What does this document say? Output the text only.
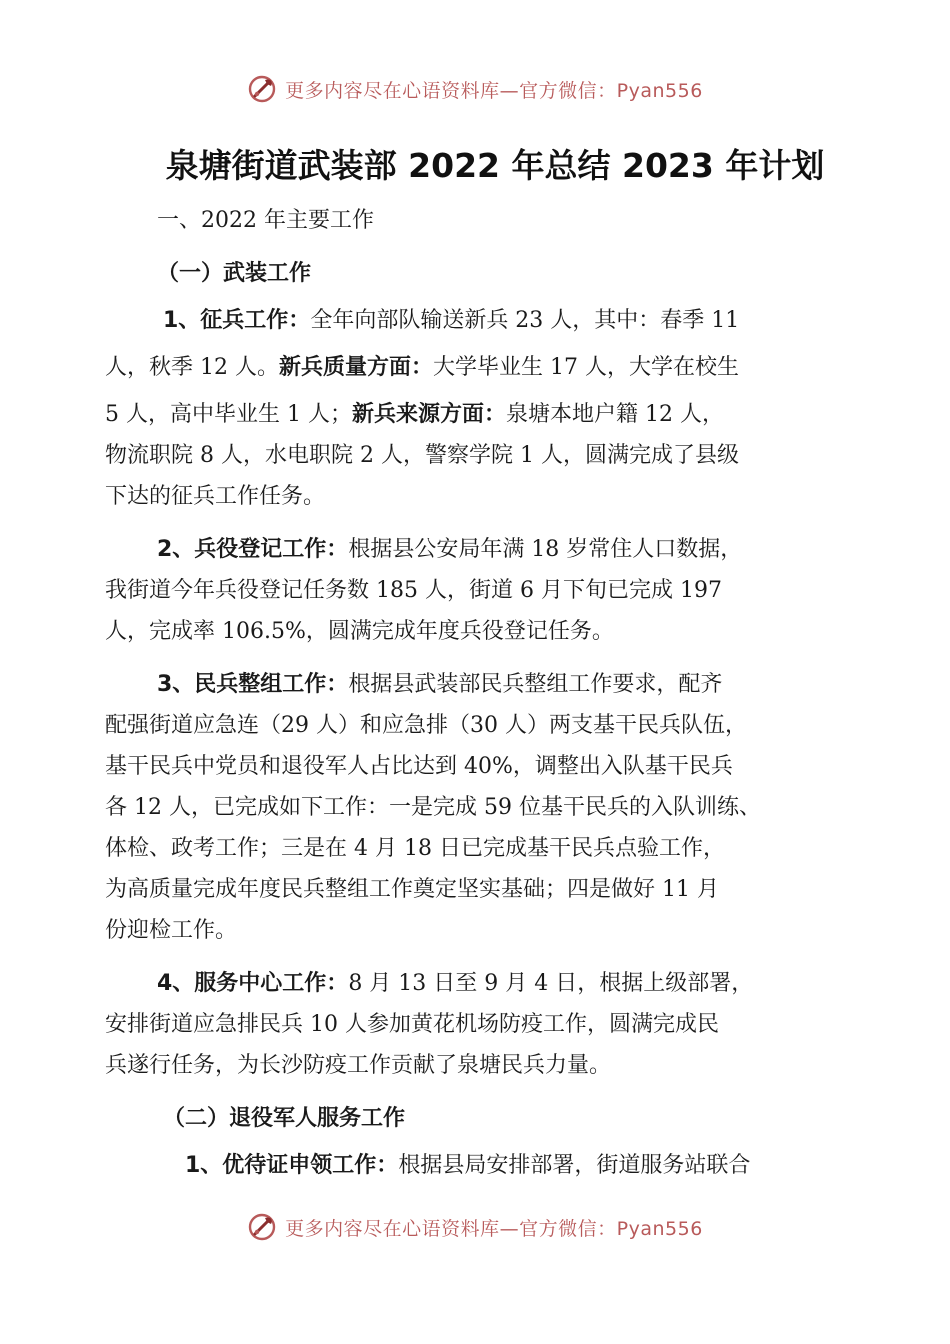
更多内容尽在心语资料库—官方微信：Pyan556
泉塘街道武装部 2022 年总结 2023 年计划
一、2022 年主要工作
（一）武装工作
1、征兵工作：全年向部队输送新兵 23 人，其中：春季 11
人，秋季 12 人。新兵质量方面：大学毕业生 17 人，大学在校生
5 人，高中毕业生 1 人；新兵来源方面：泉塘本地户籍 12 人，
物流职院 8 人，水电职院 2 人，警察学院 1 人，圆满完成了县级
下达的征兵工作任务。
2、兵役登记工作：根据县公安局年满 18 岁常住人口数据，
我街道今年兵役登记任务数 185 人，街道 6 月下旬已完成 197
人，完成率 106.5%，圆满完成年度兵役登记任务。
3、民兵整组工作：根据县武装部民兵整组工作要求，配齐
配强街道应急连（29 人）和应急排（30 人）两支基干民兵队伍，
基干民兵中党员和退役军人占比达到 40%，调整出入队基干民兵
各 12 人，已完成如下工作：一是完成 59 位基干民兵的入队训练、
体检、政考工作；三是在 4 月 18 日已完成基干民兵点验工作，
为高质量完成年度民兵整组工作奠定坚实基础；四是做好 11 月
份迎检工作。
4、服务中心工作：8 月 13 日至 9 月 4 日，根据上级部署，
安排街道应急排民兵 10 人参加黄花机场防疫工作，圆满完成民
兵遂行任务，为长沙防疫工作贡献了泉塘民兵力量。
（二）退役军人服务工作
1、优待证申领工作：根据县局安排部署，街道服务站联合
更多内容尽在心语资料库—官方微信：Pyan556
